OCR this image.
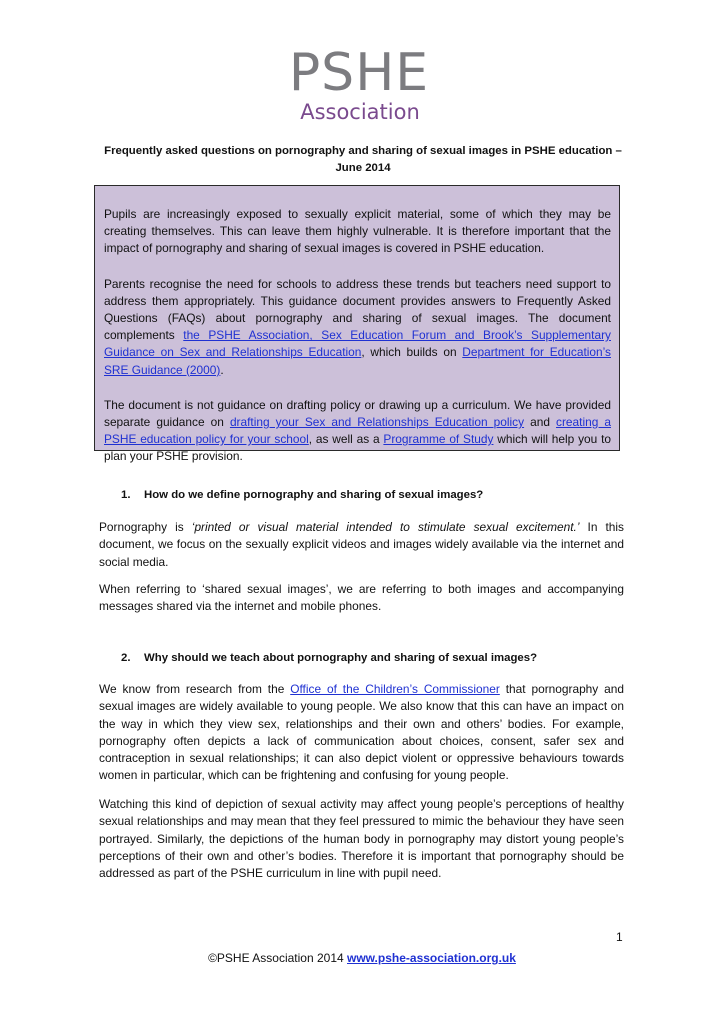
PSHE
Association
Frequently asked questions on pornography and sharing of sexual images in PSHE education –
June 2014

Pupils are increasingly exposed to sexually explicit material, some of which they may be creating themselves. This can leave them highly vulnerable. It is therefore important that the impact of pornography and sharing of sexual images is covered in PSHE education.

Parents recognise the need for schools to address these trends but teachers need support to address them appropriately. This guidance document provides answers to Frequently Asked Questions (FAQs) about pornography and sharing of sexual images. The document complements the PSHE Association, Sex Education Forum and Brook’s Supplementary Guidance on Sex and Relationships Education, which builds on Department for Education’s SRE Guidance (2000).

The document is not guidance on drafting policy or drawing up a curriculum. We have provided separate guidance on drafting your Sex and Relationships Education policy and creating a PSHE education policy for your school, as well as a Programme of Study which will help you to plan your PSHE provision.

1. How do we define pornography and sharing of sexual images?

Pornography is ‘printed or visual material intended to stimulate sexual excitement.’ In this document, we focus on the sexually explicit videos and images widely available via the internet and social media.

When referring to ‘shared sexual images’, we are referring to both images and accompanying messages shared via the internet and mobile phones.

2. Why should we teach about pornography and sharing of sexual images?

We know from research from the Office of the Children’s Commissioner that pornography and sexual images are widely available to young people. We also know that this can have an impact on the way in which they view sex, relationships and their own and others’ bodies. For example, pornography often depicts a lack of communication about choices, consent, safer sex and contraception in sexual relationships; it can also depict violent or oppressive behaviours towards women in particular, which can be frightening and confusing for young people.

Watching this kind of depiction of sexual activity may affect young people’s perceptions of healthy sexual relationships and may mean that they feel pressured to mimic the behaviour they have seen portrayed. Similarly, the depictions of the human body in pornography may distort young people’s perceptions of their own and other’s bodies. Therefore it is important that pornography should be addressed as part of the PSHE curriculum in line with pupil need.

1
©PSHE Association 2014 www.pshe-association.org.uk
